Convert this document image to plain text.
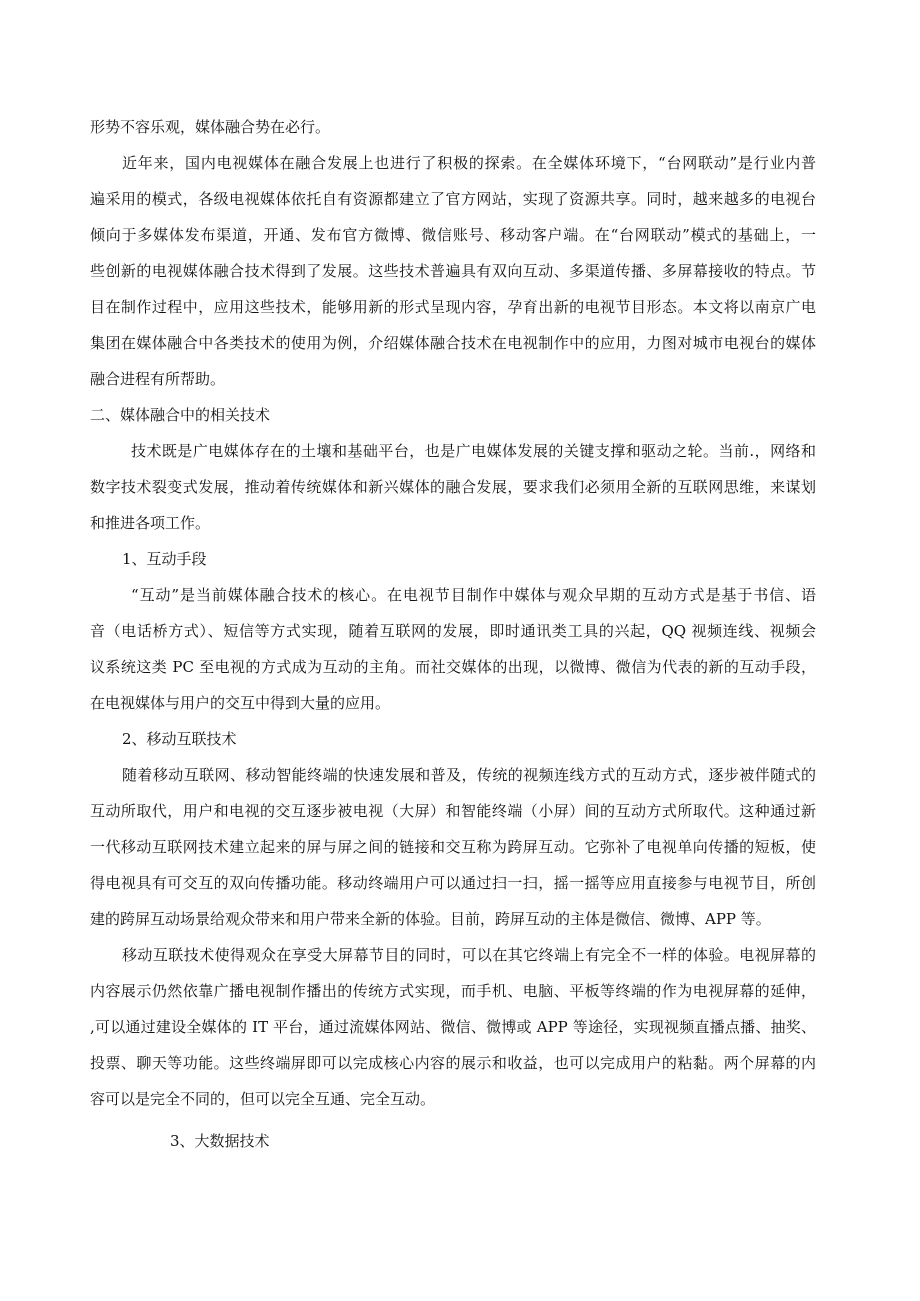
形势不容乐观，媒体融合势在必行。
近年来，国内电视媒体在融合发展上也进行了积极的探索。在全媒体环境下，“台网联动”是行业内普
遍采用的模式，各级电视媒体依托自有资源都建立了官方网站，实现了资源共享。同时，越来越多的电视台
倾向于多媒体发布渠道，开通、发布官方微博、微信账号、移动客户端。在“台网联动”模式的基础上，一
些创新的电视媒体融合技术得到了发展。这些技术普遍具有双向互动、多渠道传播、多屏幕接收的特点。节
目在制作过程中，应用这些技术，能够用新的形式呈现内容，孕育出新的电视节目形态。本文将以南京广电
集团在媒体融合中各类技术的使用为例，介绍媒体融合技术在电视制作中的应用，力图对城市电视台的媒体
融合进程有所帮助。
二、媒体融合中的相关技术
技术既是广电媒体存在的土壤和基础平台，也是广电媒体发展的关键支撑和驱动之轮。当前.，网络和
数字技术裂变式发展，推动着传统媒体和新兴媒体的融合发展，要求我们必须用全新的互联网思维，来谋划
和推进各项工作。
1、互动手段
“互动”是当前媒体融合技术的核心。在电视节目制作中媒体与观众早期的互动方式是基于书信、语
音（电话桥方式）、短信等方式实现，随着互联网的发展，即时通讯类工具的兴起，QQ 视频连线、视频会
议系统这类 PC 至电视的方式成为互动的主角。而社交媒体的出现，以微博、微信为代表的新的互动手段，
在电视媒体与用户的交互中得到大量的应用。
2、移动互联技术
随着移动互联网、移动智能终端的快速发展和普及，传统的视频连线方式的互动方式，逐步被伴随式的
互动所取代，用户和电视的交互逐步被电视（大屏）和智能终端（小屏）间的互动方式所取代。这种通过新
一代移动互联网技术建立起来的屏与屏之间的链接和交互称为跨屏互动。它弥补了电视单向传播的短板，使
得电视具有可交互的双向传播功能。移动终端用户可以通过扫一扫，摇一摇等应用直接参与电视节目，所创
建的跨屏互动场景给观众带来和用户带来全新的体验。目前，跨屏互动的主体是微信、微博、APP 等。
移动互联技术使得观众在享受大屏幕节目的同时，可以在其它终端上有完全不一样的体验。电视屏幕的
内容展示仍然依靠广播电视制作播出的传统方式实现，而手机、电脑、平板等终端的作为电视屏幕的延伸，
,可以通过建设全媒体的 IT 平台，通过流媒体网站、微信、微博或 APP 等途径，实现视频直播点播、抽奖、
投票、聊天等功能。这些终端屏即可以完成核心内容的展示和收益，也可以完成用户的粘黏。两个屏幕的内
容可以是完全不同的，但可以完全互通、完全互动。
3、大数据技术
